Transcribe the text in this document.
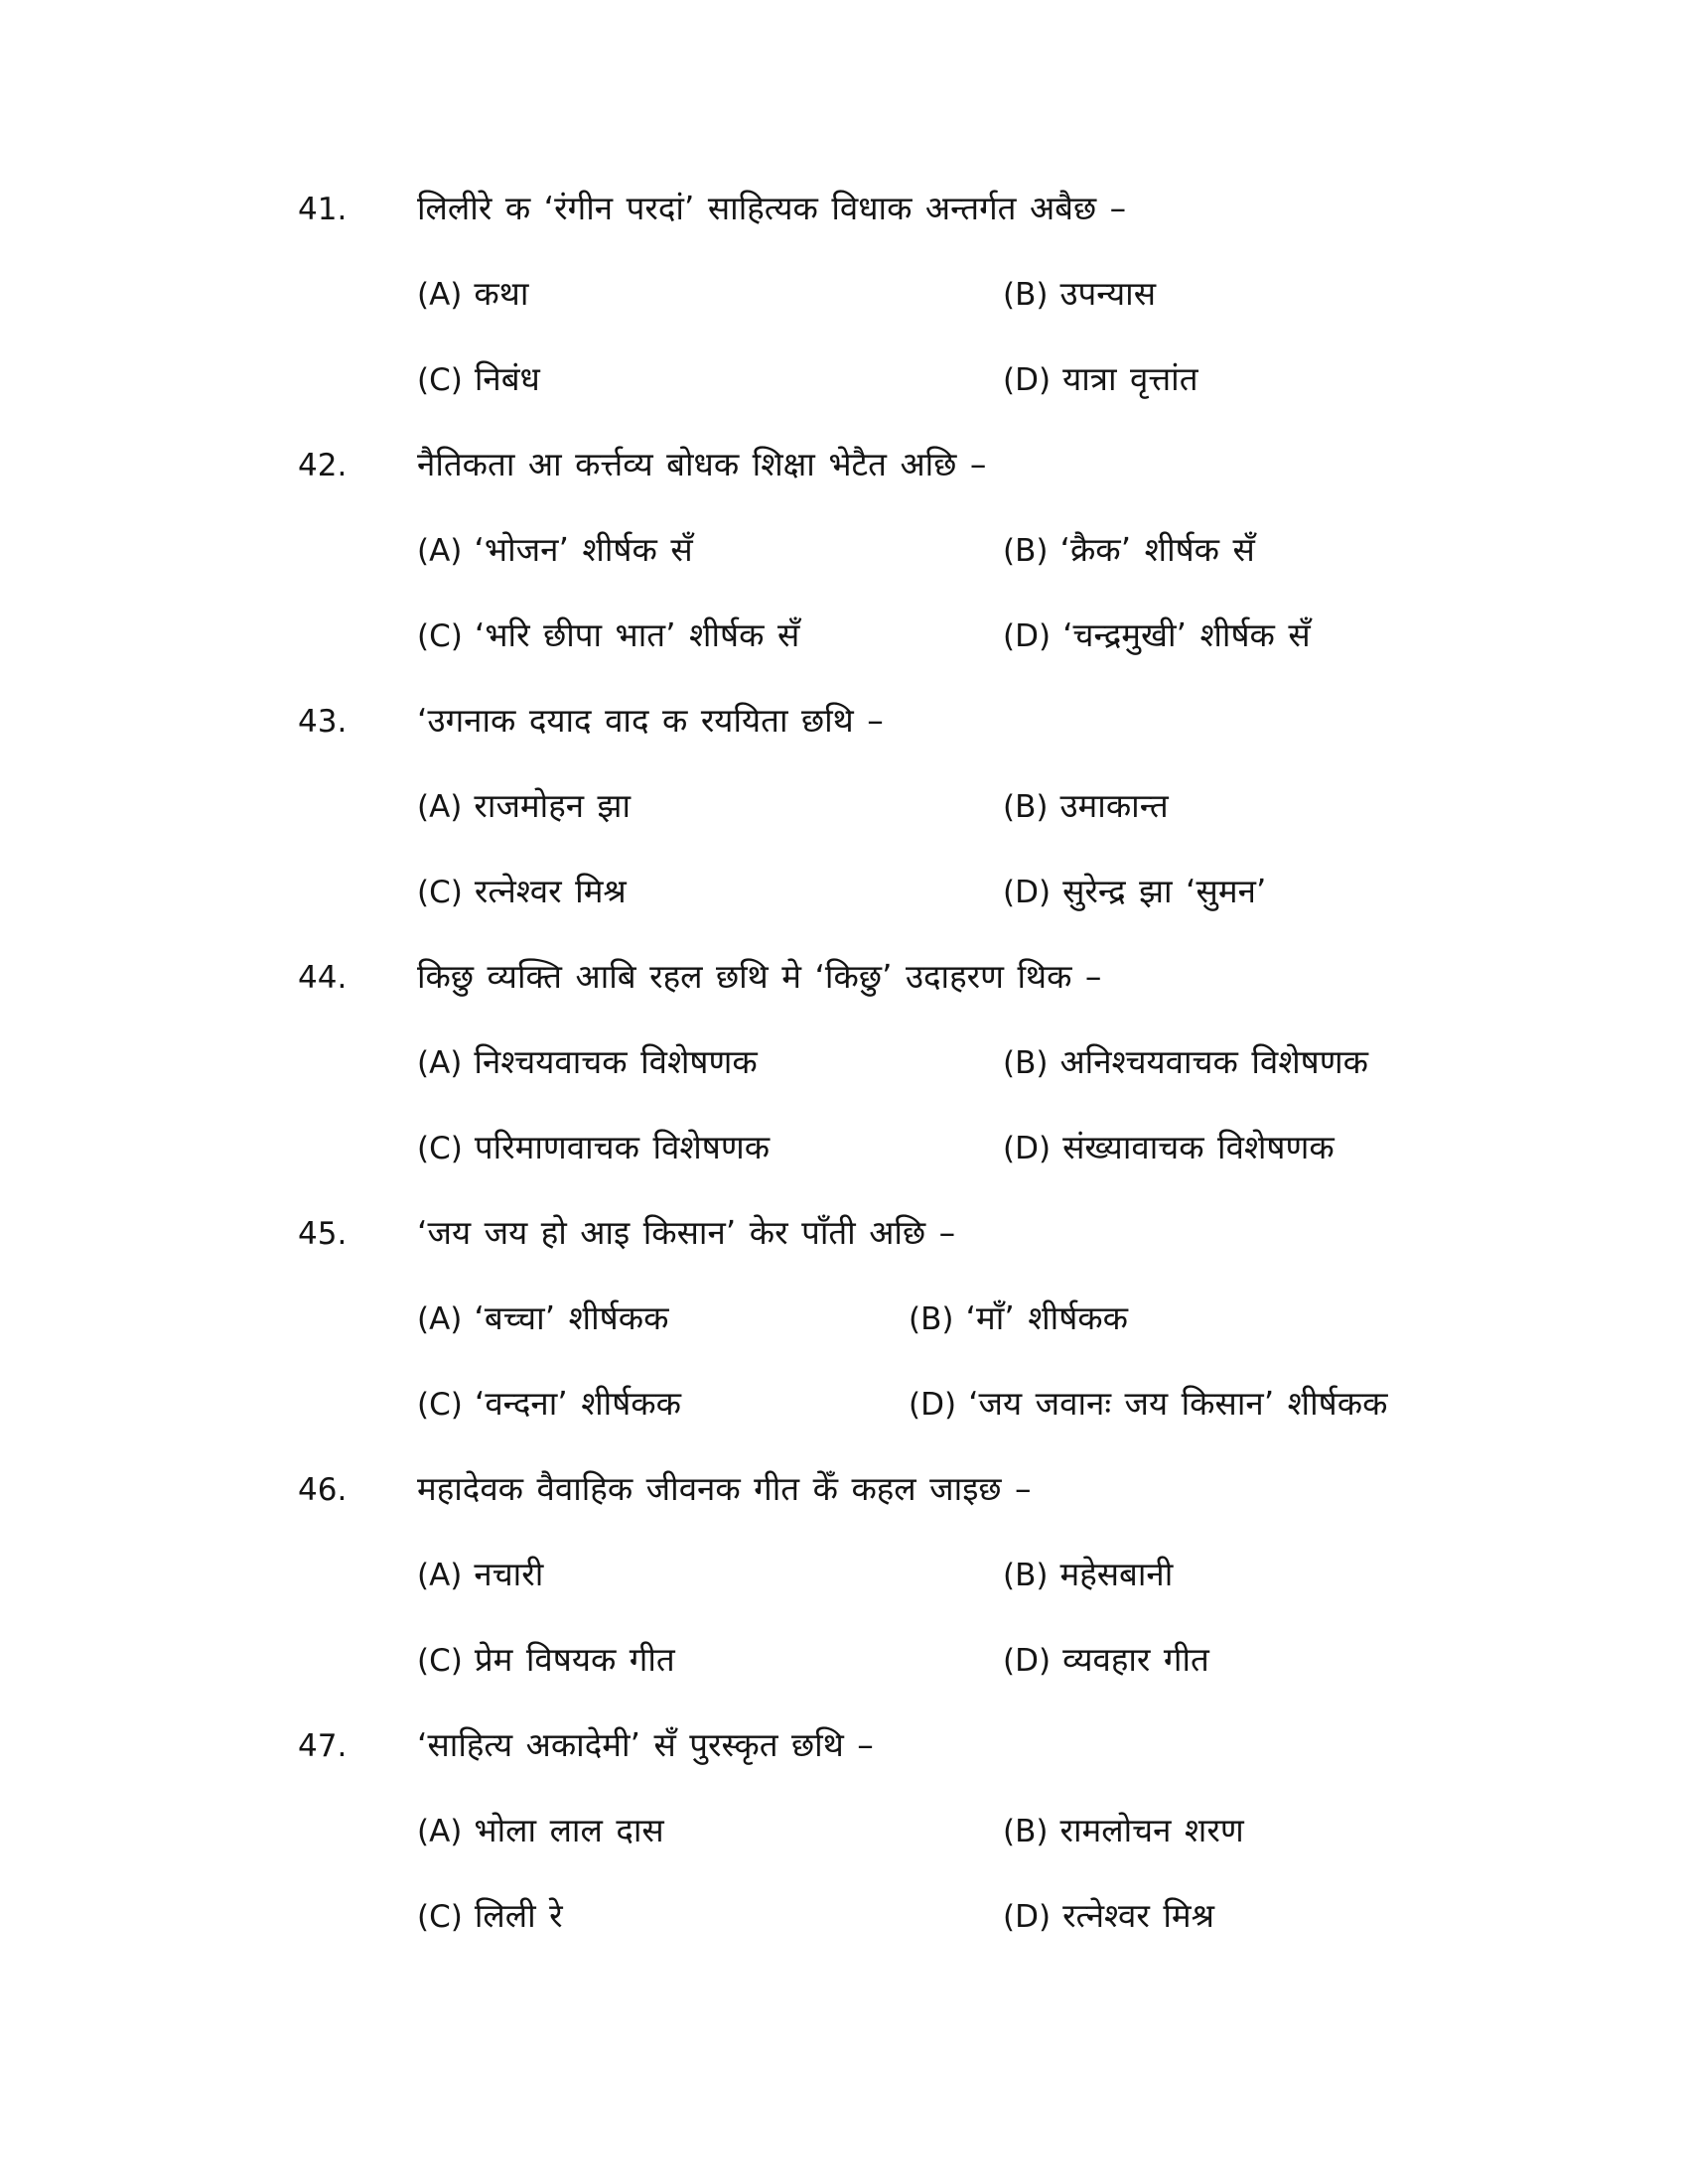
41.	लिलीरे क ‘रंगीन परदां’ साहित्यक विधाक अन्तर्गत अबैछ –
(A) कथा	(B) उपन्यास
(C) निबंध	(D) यात्रा वृत्तांत
42.	नैतिकता आ कर्त्तव्य बोधक शिक्षा भेटैत अछि –
(A) ‘भोजन’ शीर्षक सँ	(B) ‘क्रैक’ शीर्षक सँ
(C) ‘भरि छीपा भात’ शीर्षक सँ	(D) ‘चन्द्रमुखी’ शीर्षक सँ
43.	‘उगनाक दयाद वाद क रययिता छथि –
(A) राजमोहन झा	(B) उमाकान्त
(C) रत्नेश्वर मिश्र	(D) सुरेन्द्र झा ‘सुमन’
44.	किछु व्यक्ति आबि रहल छथि मे ‘किछु’ उदाहरण थिक –
(A) निश्चयवाचक विशेषणक	(B) अनिश्चयवाचक विशेषणक
(C) परिमाणवाचक विशेषणक	(D) संख्यावाचक विशेषणक
45.	‘जय जय हो आइ किसान’ केर पाँती अछि –
(A) ‘बच्चा’ शीर्षकक	(B) ‘माँ’ शीर्षकक
(C) ‘वन्दना’ शीर्षकक	(D) ‘जय जवानः जय किसान’ शीर्षकक
46.	महादेवक वैवाहिक जीवनक गीत केँ कहल जाइछ –
(A) नचारी	(B) महेसबानी
(C) प्रेम विषयक गीत	(D) व्यवहार गीत
47.	‘साहित्य अकादेमी’ सँ पुरस्कृत छथि –
(A) भोला लाल दास	(B) रामलोचन शरण
(C) लिली रे	(D) रत्नेश्वर मिश्र
